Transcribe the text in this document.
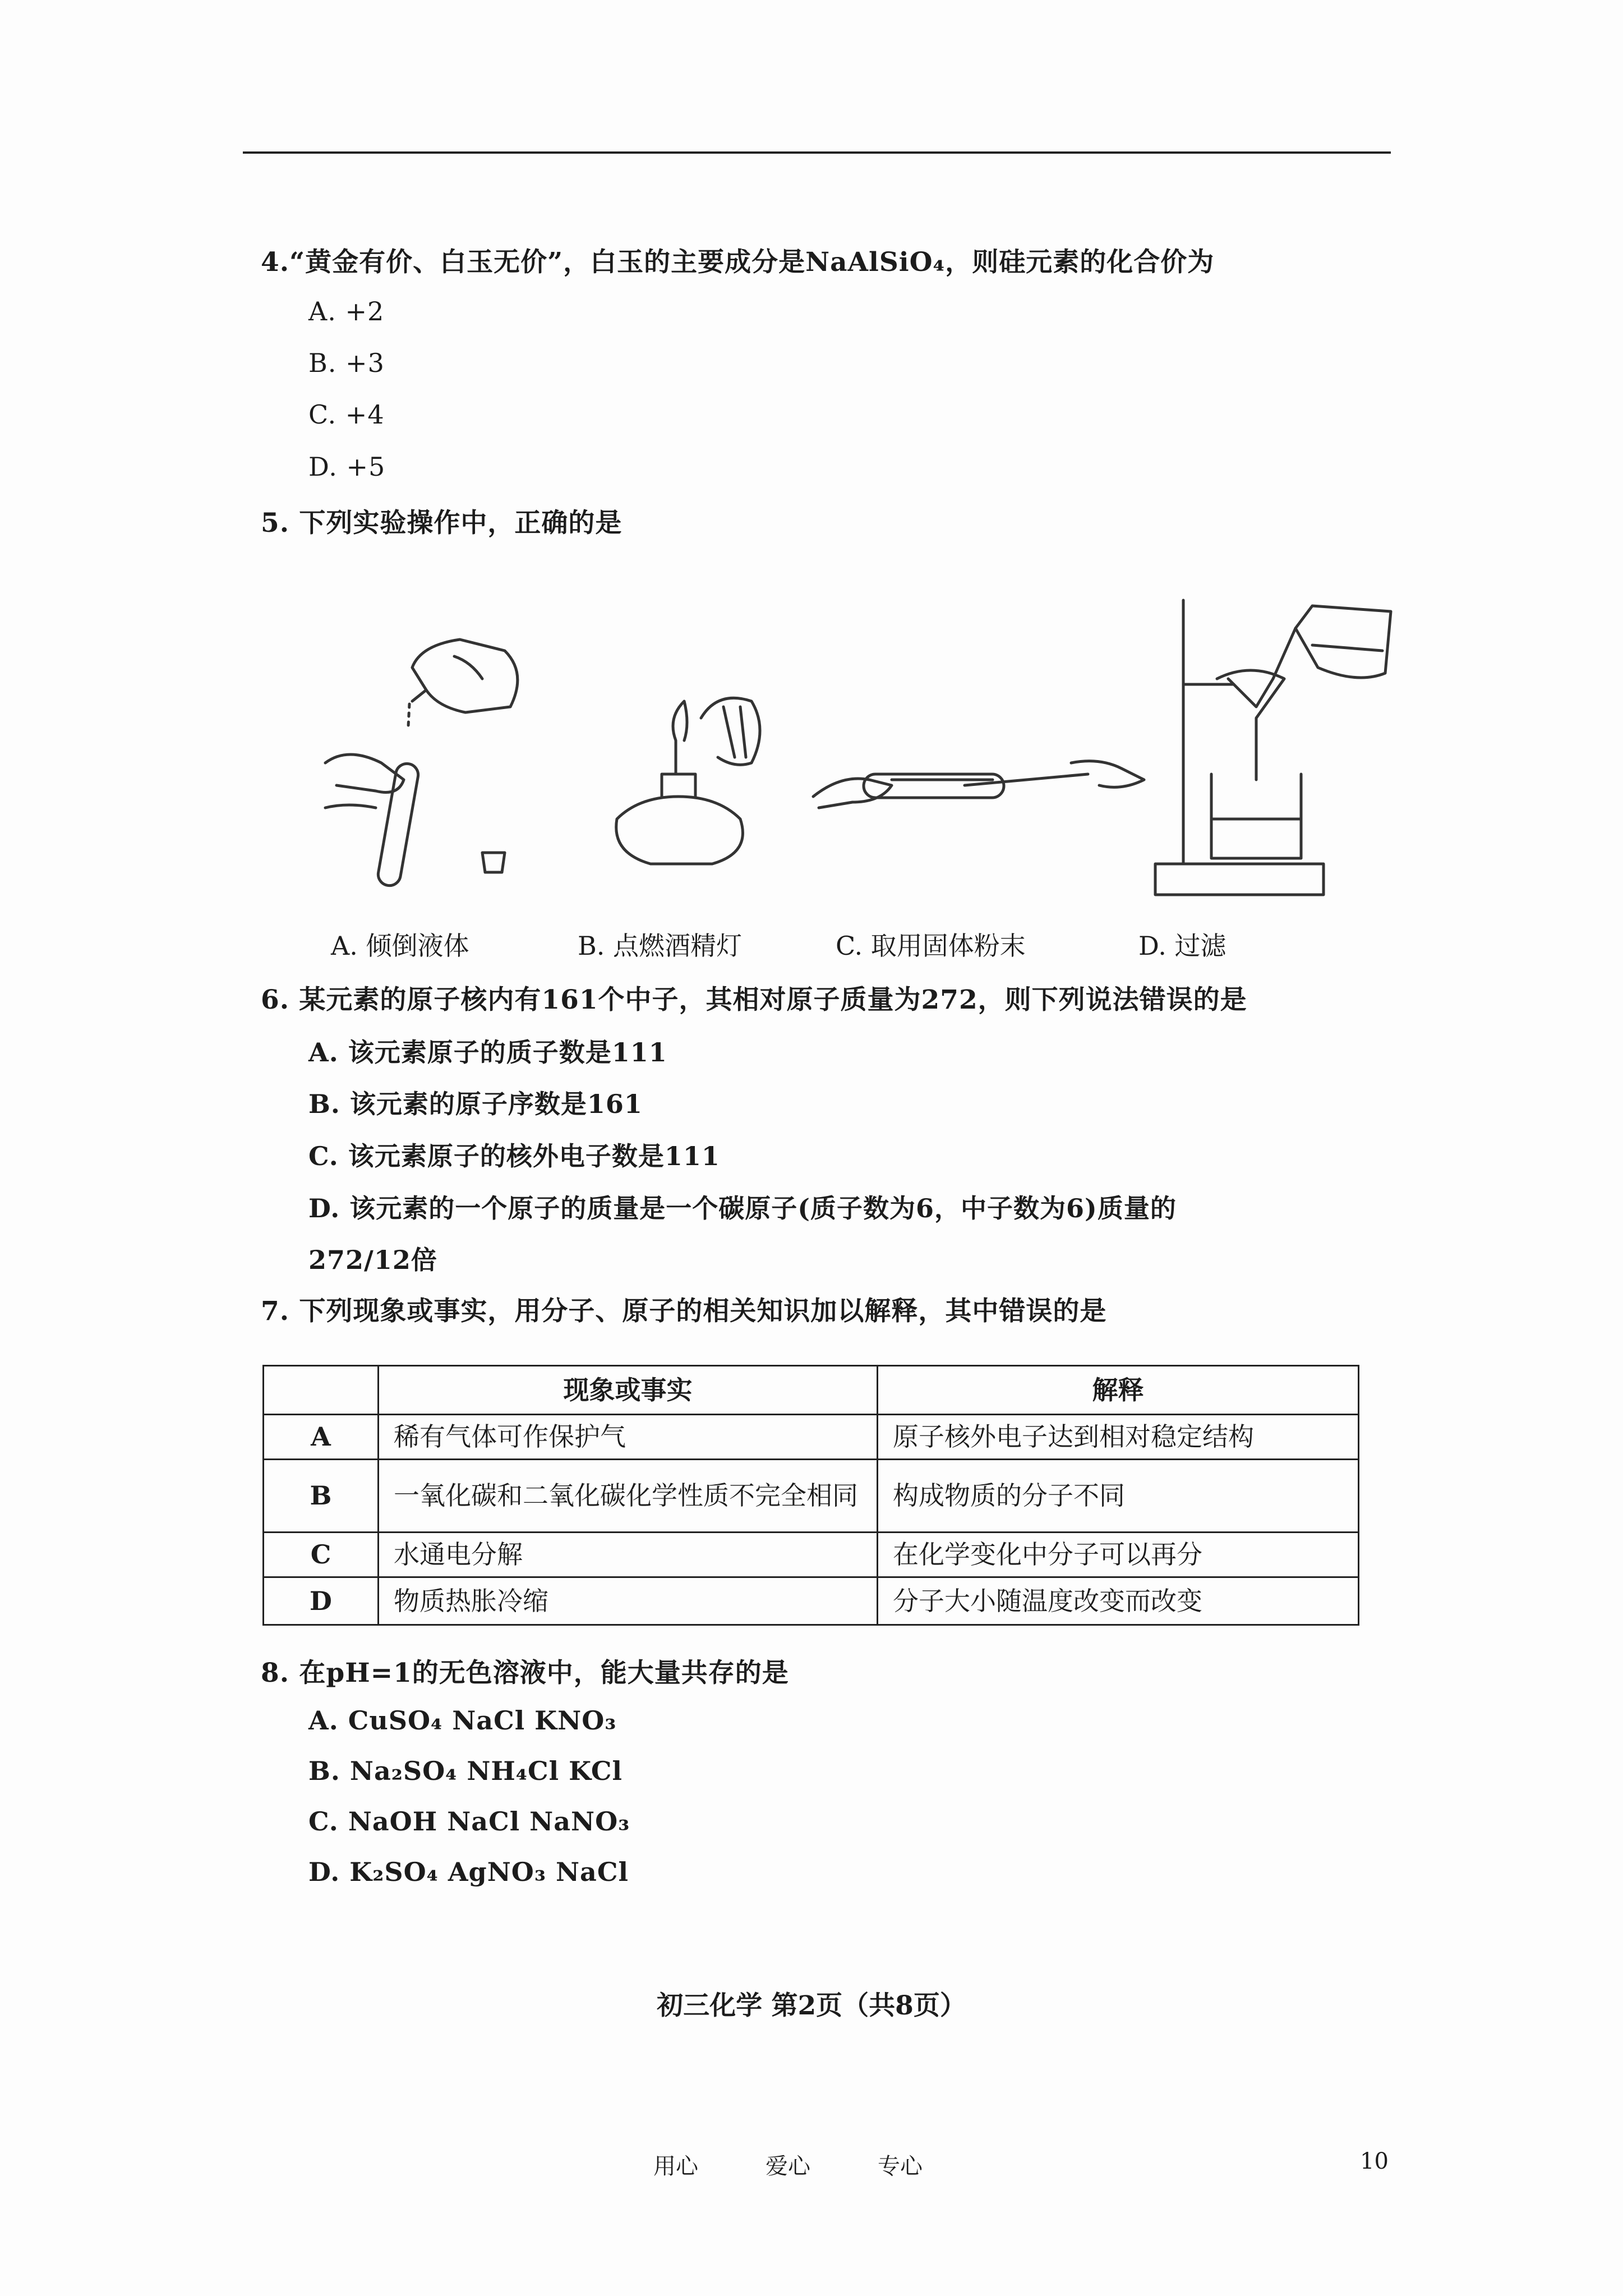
4.“黄金有价、白玉无价”，白玉的主要成分是NaAlSiO₄，则硅元素的化合价为
A. +2
B. +3
C. +4
D. +5
5. 下列实验操作中，正确的是
A. 倾倒液体	B. 点燃酒精灯	C. 取用固体粉末	D. 过滤
6. 某元素的原子核内有161个中子，其相对原子质量为272，则下列说法错误的是
A. 该元素原子的质子数是111
B. 该元素的原子序数是161
C. 该元素原子的核外电子数是111
D. 该元素的一个原子的质量是一个碳原子(质子数为6，中子数为6)质量的
272/12倍
7. 下列现象或事实，用分子、原子的相关知识加以解释，其中错误的是
	现象或事实	解释
A	稀有气体可作保护气	原子核外电子达到相对稳定结构
B	一氧化碳和二氧化碳化学性质不完全相同	构成物质的分子不同
C	水通电分解	在化学变化中分子可以再分
D	物质热胀冷缩	分子大小随温度改变而改变
8. 在pH=1的无色溶液中，能大量共存的是
A. CuSO₄ NaCl KNO₃
B. Na₂SO₄ NH₄Cl KCl
C. NaOH NaCl NaNO₃
D. K₂SO₄ AgNO₃ NaCl
初三化学 第2页（共8页）
用心	爱心	专心	10
